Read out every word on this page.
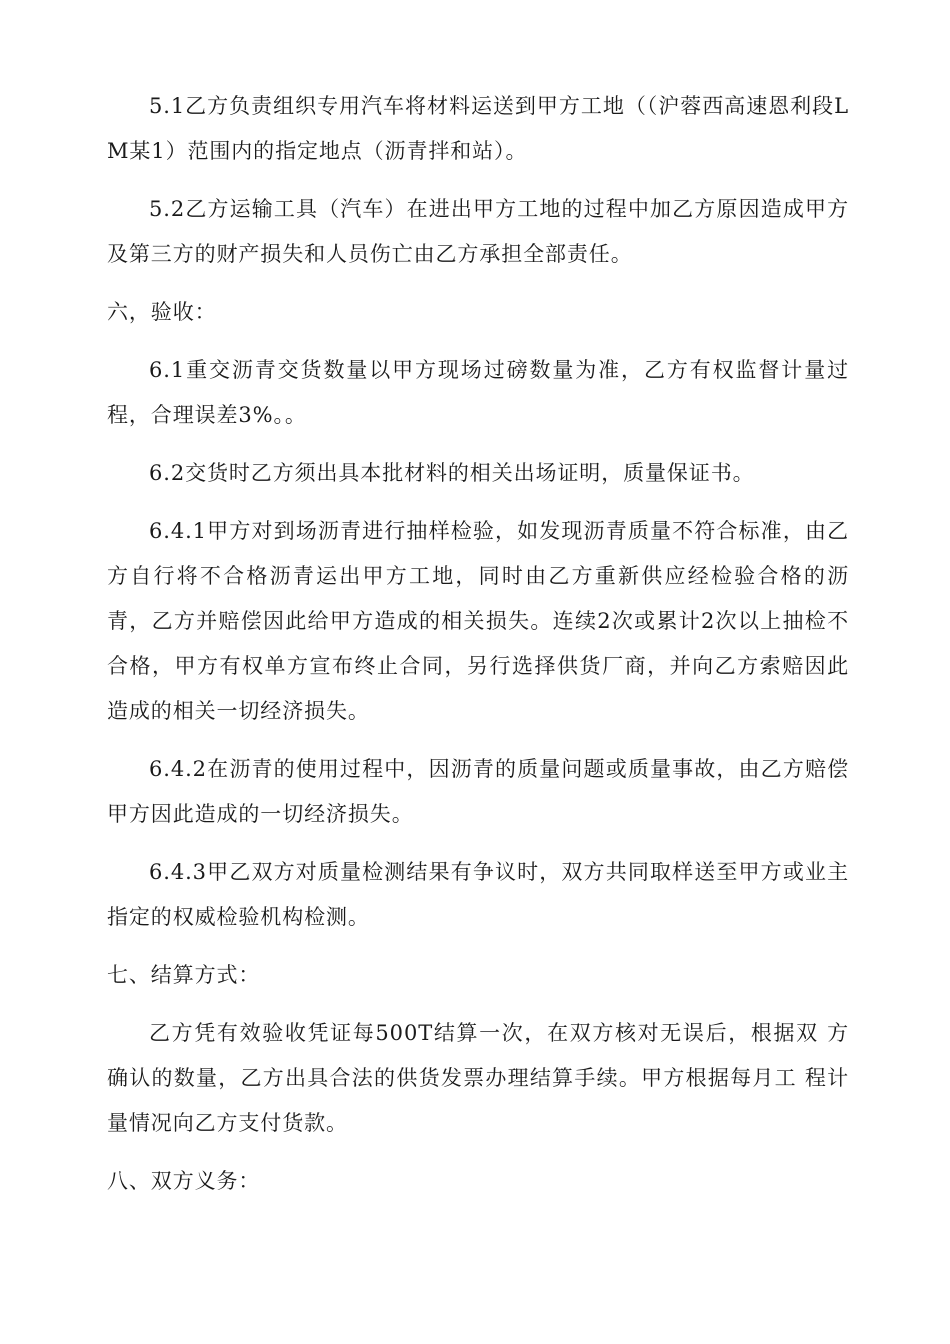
5.1乙方负责组织专用汽车将材料运送到甲方工地（（沪蓉西高速恩利段LM某1）范围内的指定地点（沥青拌和站）。

5.2乙方运输工具（汽车）在进出甲方工地的过程中加乙方原因造成甲方及第三方的财产损失和人员伤亡由乙方承担全部责任。

六，验收：

6.1重交沥青交货数量以甲方现场过磅数量为准，乙方有权监督计量过程，合理误差3%。。

6.2交货时乙方须出具本批材料的相关出场证明，质量保证书。

6.4.1甲方对到场沥青进行抽样检验，如发现沥青质量不符合标准，由乙方自行将不合格沥青运出甲方工地，同时由乙方重新供应经检验合格的沥青，乙方并赔偿因此给甲方造成的相关损失。连续2次或累计2次以上抽检不合格，甲方有权单方宣布终止合同，另行选择供货厂商，并向乙方索赔因此造成的相关一切经济损失。

6.4.2在沥青的使用过程中，因沥青的质量问题或质量事故，由乙方赔偿甲方因此造成的一切经济损失。

6.4.3甲乙双方对质量检测结果有争议时，双方共同取样送至甲方或业主指定的权威检验机构检测。

七、结算方式：

乙方凭有效验收凭证每500T结算一次，在双方核对无误后，根据双 方确认的数量，乙方出具合法的供货发票办理结算手续。甲方根据每月工 程计量情况向乙方支付货款。

八、双方义务：
